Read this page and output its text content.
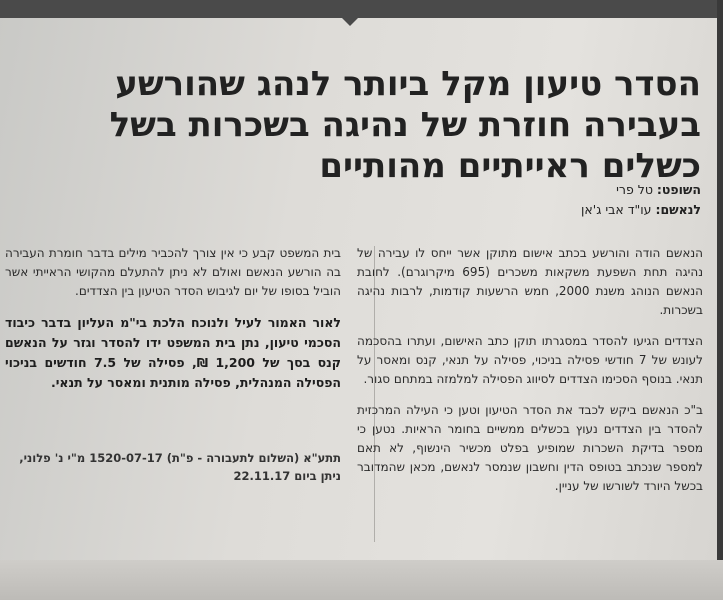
הסדר טיעון מקל ביותר לנהג שהורשע בעבירה חוזרת של נהיגה בשכרות בשל כשלים ראייתיים מהותיים
השופט: טל פרי
לנאשם: עו"ד אבי ג'אן

הנאשם הודה והורשע בכתב אישום מתוקן אשר ייחס לו עבירה של נהיגה תחת השפעת משקאות משכרים (695 מיקרוגרם). לחובת הנאשם הנוהג משנת 2000, חמש הרשעות קודמות, לרבות נהיגה בשכרות.

הצדדים הגיעו להסדר במסגרתו תוקן כתב האישום, ועתרו בהסכמה לעונש של 7 חודשי פסילה בניכוי, פסילה על תנאי, קנס ומאסר על תנאי. בנוסף הסכימו הצדדים לסיווג הפסילה למלמזה במתחם סגור.

ב"כ הנאשם ביקש לכבד את הסדר הטיעון וטען כי העילה המרכזית להסדר בין הצדדים נעוץ בכשלים ממשיים בחומר הראיות. נטען כי מספר בדיקת השכרות שמופיע בפלט מכשיר הינשוף, לא תאם למספר שנכתב בטופס הדין וחשבון שנמסר לנאשם, מכאן שהמדובר בכשל היורד לשורשו של עניין.

בית המשפט קבע כי אין צורך להכביר מילים בדבר חומרת העבירה בה הורשע הנאשם ואולם לא ניתן להתעלם מהקושי הראייתי אשר הוביל בסופו של יום לגיבוש הסדר הטיעון בין הצדדים.

לאור האמור לעיל ולנוכח הלכת בי"מ העליון בדבר כיבוד הסכמי טיעון, נתן בית המשפט ידו להסדר וגזר על הנאשם קנס בסך של 1,200 ₪, פסילה של 7.5 חודשים בניכוי הפסילה המנהלית, פסילה מותנית ומאסר על תנאי.

תתע"א (השלום לתעבורה - פ"ת) 1520-07-17 מ"י נ' פלוני,
ניתן ביום 22.11.17
